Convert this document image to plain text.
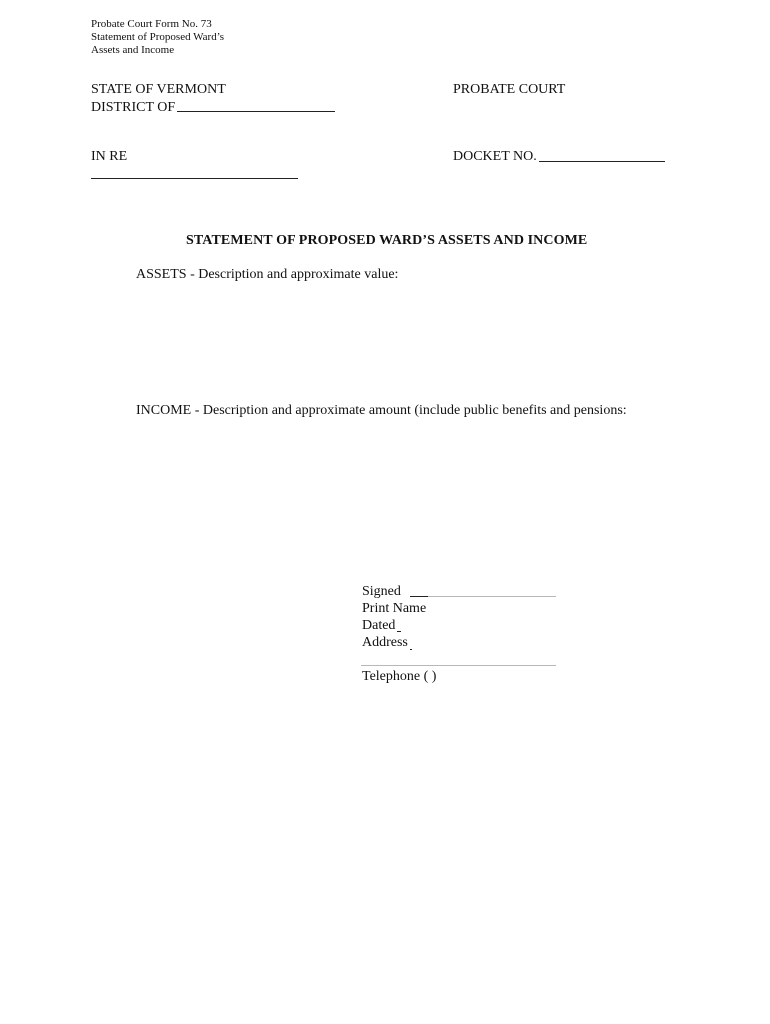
Probate Court Form No. 73
Statement of Proposed Ward’s
Assets and Income
STATE OF VERMONT
DISTRICT OF
PROBATE COURT
IN RE	DOCKET NO.
STATEMENT OF PROPOSED WARD’S ASSETS AND INCOME
ASSETS - Description and approximate value:
INCOME - Description and approximate amount (include public benefits and pensions:
Signed
Print Name
Dated
Address
Telephone ( )
